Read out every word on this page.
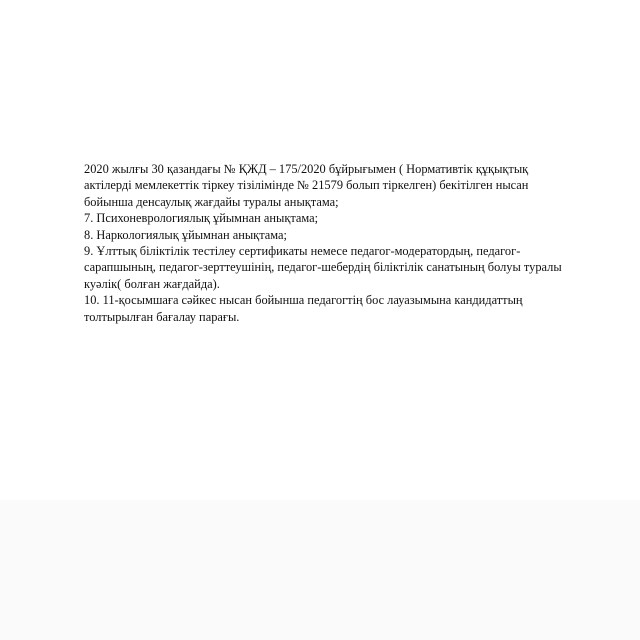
2020 жылғы 30 қазандағы № ҚЖД – 175/2020 бұйрығымен ( Нормативтік құқықтық
актілерді мемлекеттік тіркеу тізілімінде № 21579 болып тіркелген) бекітілген нысан
бойынша денсаулық жағдайы туралы анықтама;
7. Психоневрологиялық ұйымнан анықтама;
8. Наркологиялық ұйымнан анықтама;
9. Ұлттық біліктілік тестілеу сертификаты немесе педагог-модератордың, педагог-
сарапшының, педагог-зерттеушінің, педагог-шебердің біліктілік санатының болуы туралы
куәлік( болған жағдайда).
10. 11-қосымшаға сәйкес нысан бойынша педагогтің бос лауазымына кандидаттың
толтырылған бағалау парағы.
